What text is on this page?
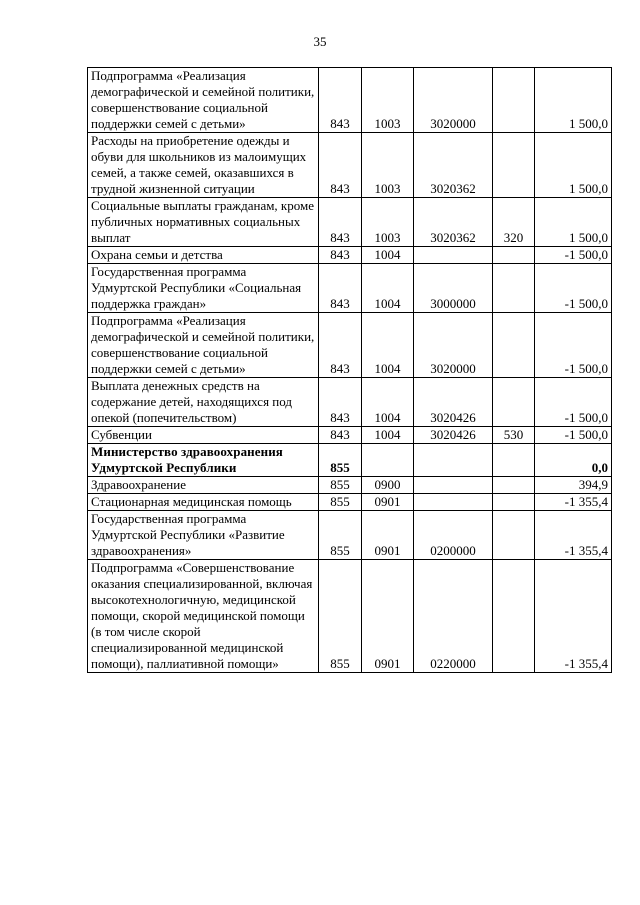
35
Подпрограмма «Реализация демографической и семейной политики, совершенствование социальной поддержки семей с детьми»	843	1003	3020000		1 500,0
Расходы на приобретение одежды и обуви для школьников из малоимущих семей, а также семей, оказавшихся в трудной жизненной ситуации	843	1003	3020362		1 500,0
Социальные выплаты гражданам, кроме публичных нормативных социальных выплат	843	1003	3020362	320	1 500,0
Охрана семьи и детства	843	1004			-1 500,0
Государственная программа Удмуртской Республики «Социальная поддержка граждан»	843	1004	3000000		-1 500,0
Подпрограмма «Реализация демографической и семейной политики, совершенствование социальной поддержки семей с детьми»	843	1004	3020000		-1 500,0
Выплата денежных средств на содержание детей, находящихся под опекой (попечительством)	843	1004	3020426		-1 500,0
Субвенции	843	1004	3020426	530	-1 500,0
Министерство здравоохранения Удмуртской Республики	855				0,0
Здравоохранение	855	0900			394,9
Стационарная медицинская помощь	855	0901			-1 355,4
Государственная программа Удмуртской Республики «Развитие здравоохранения»	855	0901	0200000		-1 355,4
Подпрограмма «Совершенствование оказания специализированной, включая высокотехнологичную, медицинской помощи, скорой медицинской помощи (в том числе скорой специализированной медицинской помощи), паллиативной помощи»	855	0901	0220000		-1 355,4
